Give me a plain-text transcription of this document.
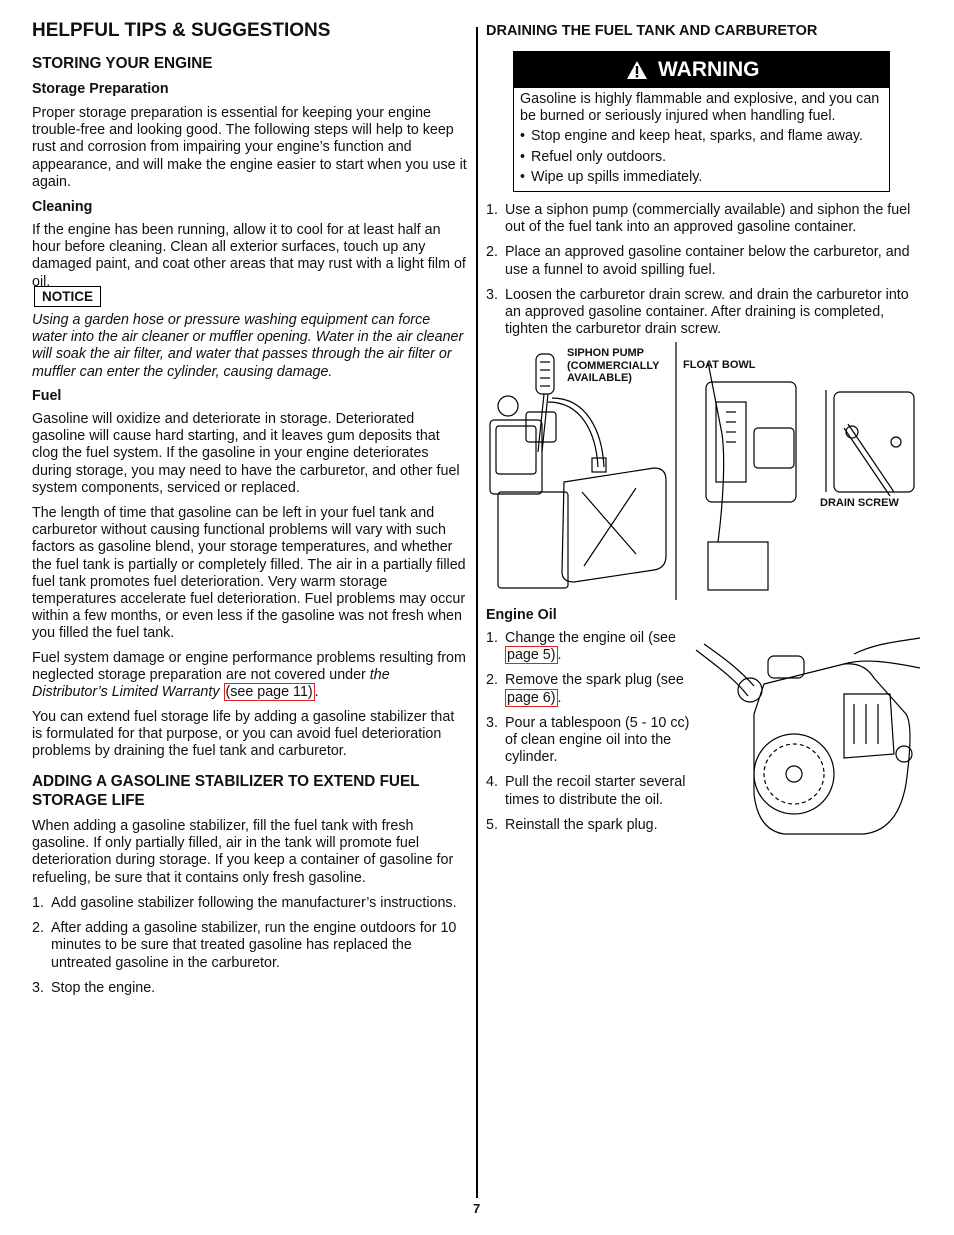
HELPFUL TIPS & SUGGESTIONS
STORING YOUR ENGINE
Storage Preparation

Proper storage preparation is essential for keeping your engine trouble-free and looking good. The following steps will help to keep rust and corrosion from impairing your engine’s function and appearance, and will make the engine easier to start when you use it again.

Cleaning

If the engine has been running, allow it to cool for at least half an hour before cleaning. Clean all exterior surfaces, touch up any damaged paint, and coat other areas that may rust with a light film of oil.

NOTICE

Using a garden hose or pressure washing equipment can force water into the air cleaner or muffler opening. Water in the air cleaner will soak the air filter, and water that passes through the air filter or muffler can enter the cylinder, causing damage.

Fuel

Gasoline will oxidize and deteriorate in storage. Deteriorated gasoline will cause hard starting, and it leaves gum deposits that clog the fuel system. If the gasoline in your engine deteriorates during storage, you may need to have the carburetor, and other fuel system components, serviced or replaced.

The length of time that gasoline can be left in your fuel tank and carburetor without causing functional problems will vary with such factors as gasoline blend, your storage temperatures, and whether the fuel tank is partially or completely filled. The air in a partially filled fuel tank promotes fuel deterioration. Very warm storage temperatures accelerate fuel deterioration. Fuel problems may occur within a few months, or even less if the gasoline was not fresh when you filled the fuel tank.

Fuel system damage or engine performance problems resulting from neglected storage preparation are not covered under the Distributor’s Limited Warranty (see page 11) .

You can extend fuel storage life by adding a gasoline stabilizer that is formulated for that purpose, or you can avoid fuel deterioration problems by draining the fuel tank and carburetor.

ADDING A GASOLINE STABILIZER TO EXTEND FUEL STORAGE LIFE

When adding a gasoline stabilizer, fill the fuel tank with fresh gasoline. If only partially filled, air in the tank will promote fuel deterioration during storage. If you keep a container of gasoline for refueling, be sure that it contains only fresh gasoline.

1. Add gasoline stabilizer following the manufacturer’s instructions.
2. After adding a gasoline stabilizer, run the engine outdoors for 10 minutes to be sure that treated gasoline has replaced the untreated gasoline in the carburetor.
3. Stop the engine.
DRAINING THE FUEL TANK AND CARBURETOR
WARNING
Gasoline is highly flammable and explosive, and you can be burned or seriously injured when handling fuel.
• Stop engine and keep heat, sparks, and flame away.
• Refuel only outdoors.
• Wipe up spills immediately.
1. Use a siphon pump (commercially available) and siphon the fuel out of the fuel tank into an approved gasoline container.
2. Place an approved gasoline container below the carburetor, and use a funnel to avoid spilling fuel.
3. Loosen the carburetor drain screw. and drain the carburetor into an approved gasoline container. After draining is completed, tighten the carburetor drain screw.
SIPHON PUMP
(COMMERCIALLY
AVAILABLE)
FLOAT BOWL
DRAIN SCREW
Engine Oil
1. Change the engine oil (see page 5) .
2. Remove the spark plug (see page 6) .
3. Pour a tablespoon (5 - 10 cc) of clean engine oil into the cylinder.
4. Pull the recoil starter several times to distribute the oil.
5. Reinstall the spark plug.
7
